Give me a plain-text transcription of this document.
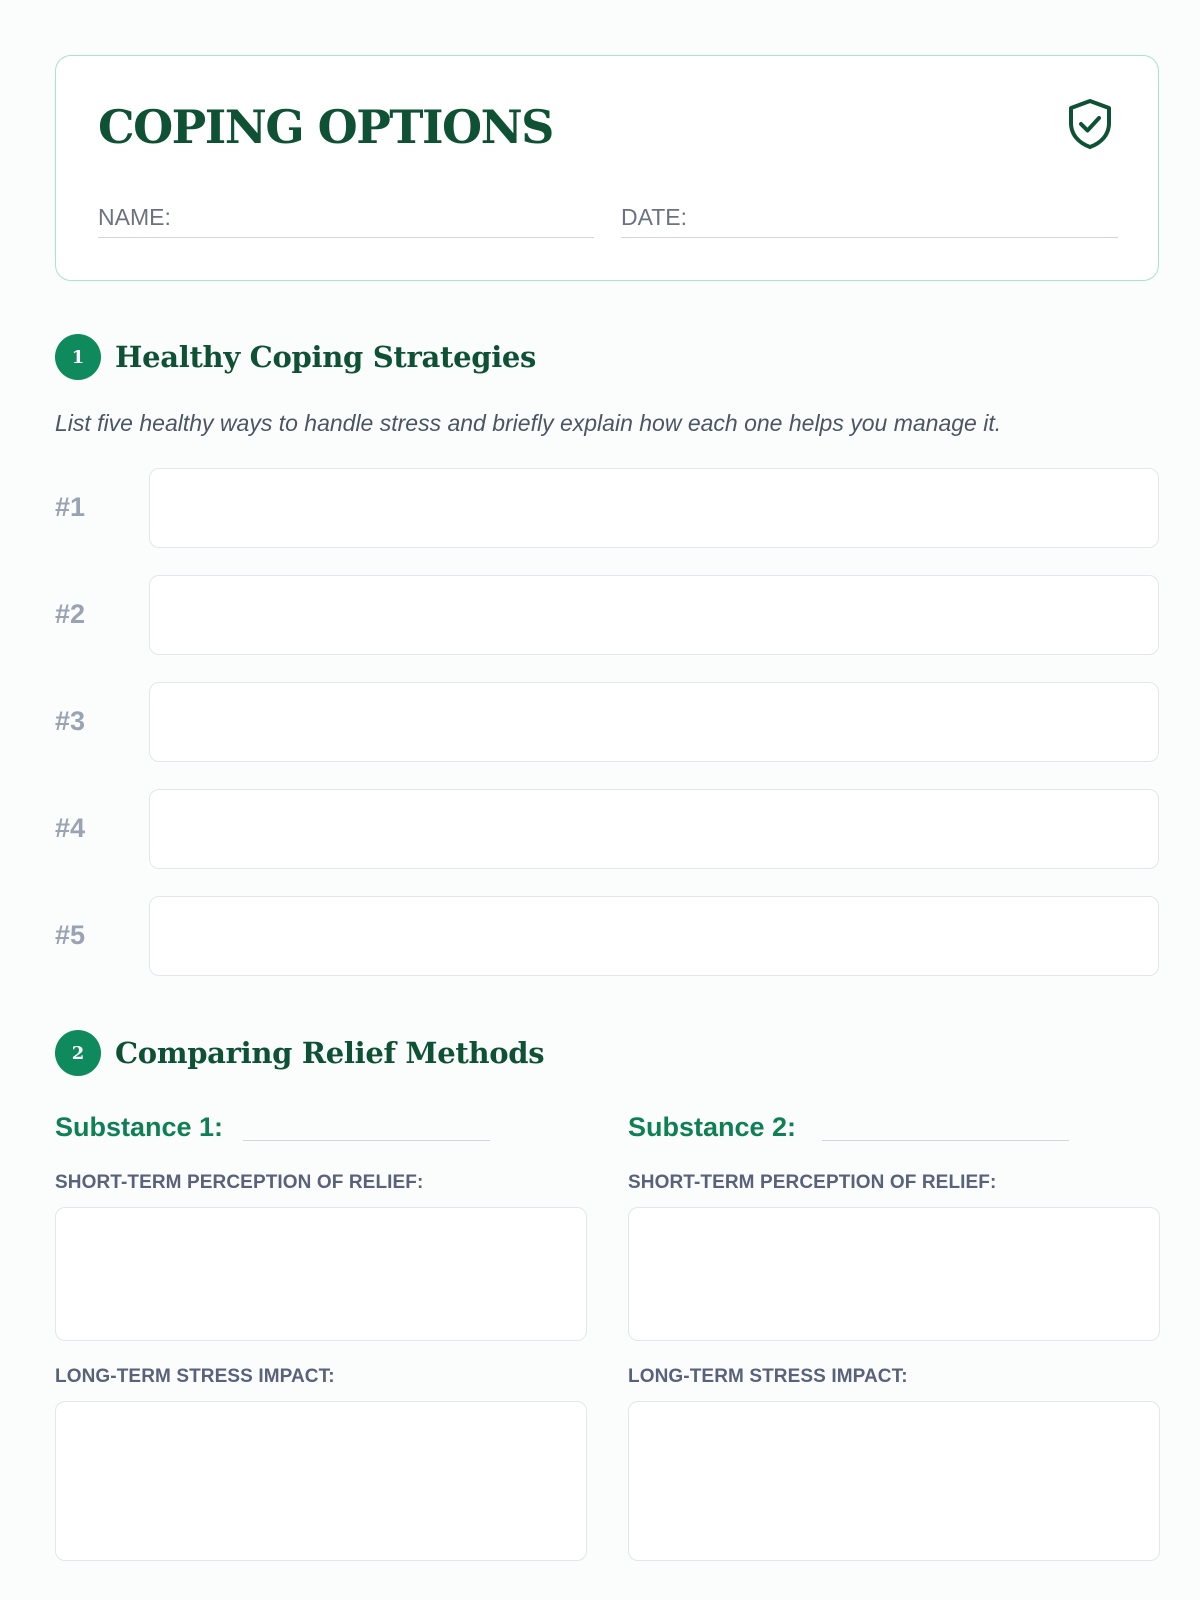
COPING OPTIONS
NAME:	DATE:
1	Healthy Coping Strategies
List five healthy ways to handle stress and briefly explain how each one helps you manage it.
#1
#2
#3
#4
#5
2	Comparing Relief Methods
Substance 1:
SHORT-TERM PERCEPTION OF RELIEF:
LONG-TERM STRESS IMPACT:
Substance 2:
SHORT-TERM PERCEPTION OF RELIEF:
LONG-TERM STRESS IMPACT:
